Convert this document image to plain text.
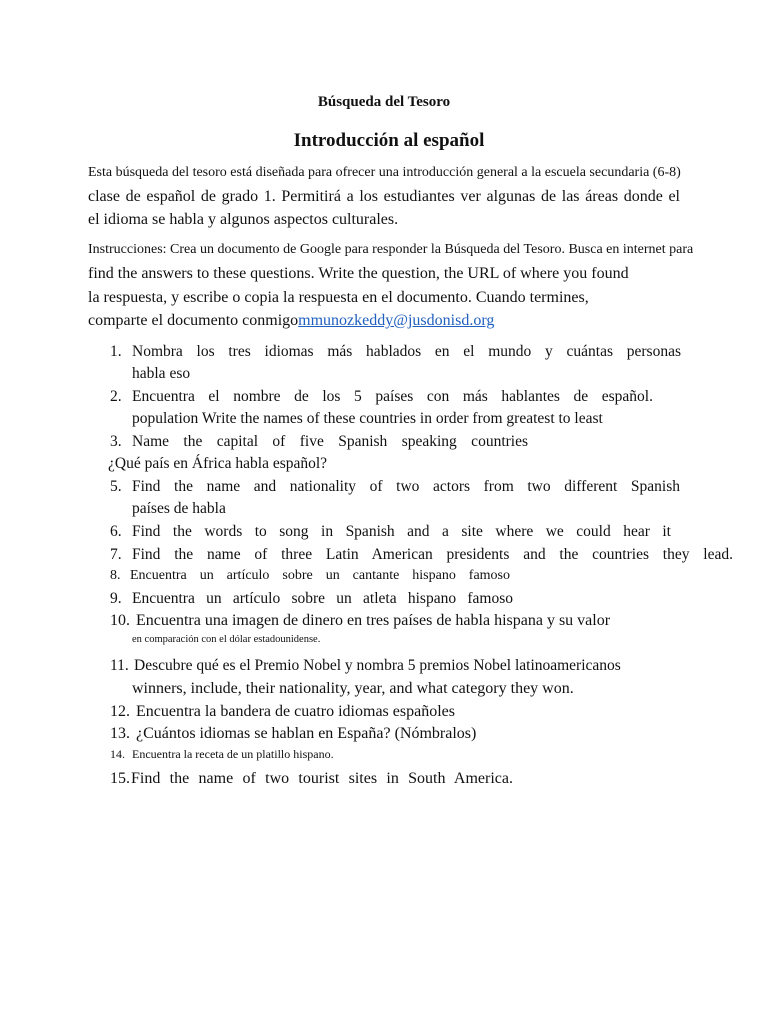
Búsqueda del Tesoro

Introducción al español

Esta búsqueda del tesoro está diseñada para ofrecer una introducción general a la escuela secundaria (6-8)

clase de español de grado 1. Permitirá a los estudiantes ver algunas de las áreas donde el

el idioma se habla y algunos aspectos culturales.

Instrucciones: Crea un documento de Google para responder la Búsqueda del Tesoro. Busca en internet para

find the answers to these questions. Write the question, the URL of where you found

la respuesta, y escribe o copia la respuesta en el documento. Cuando termines,

comparte el documento conmigommunozkeddy@jusdonisd.org

1. Nombra los tres idiomas más hablados en el mundo y cuántas personas

habla eso

2. Encuentra el nombre de los 5 países con más hablantes de español.

population Write the names of these countries in order from greatest to least

3. Name the capital of five Spanish speaking countries

¿Qué país en África habla español?

5. Find the name and nationality of two actors from two different Spanish

países de habla

6. Find the words to song in Spanish and a site where we could hear it

7. Find the name of three Latin American presidents and the countries they lead.

8. Encuentra un artículo sobre un cantante hispano famoso

9. Encuentra un artículo sobre un atleta hispano famoso

10. Encuentra una imagen de dinero en tres países de habla hispana y su valor

en comparación con el dólar estadounidense.

11. Descubre qué es el Premio Nobel y nombra 5 premios Nobel latinoamericanos

winners, include, their nationality, year, and what category they won.

12. Encuentra la bandera de cuatro idiomas españoles

13. ¿Cuántos idiomas se hablan en España? (Nómbralos)

14. Encuentra la receta de un platillo hispano.

15. Find the name of two tourist sites in South America.
